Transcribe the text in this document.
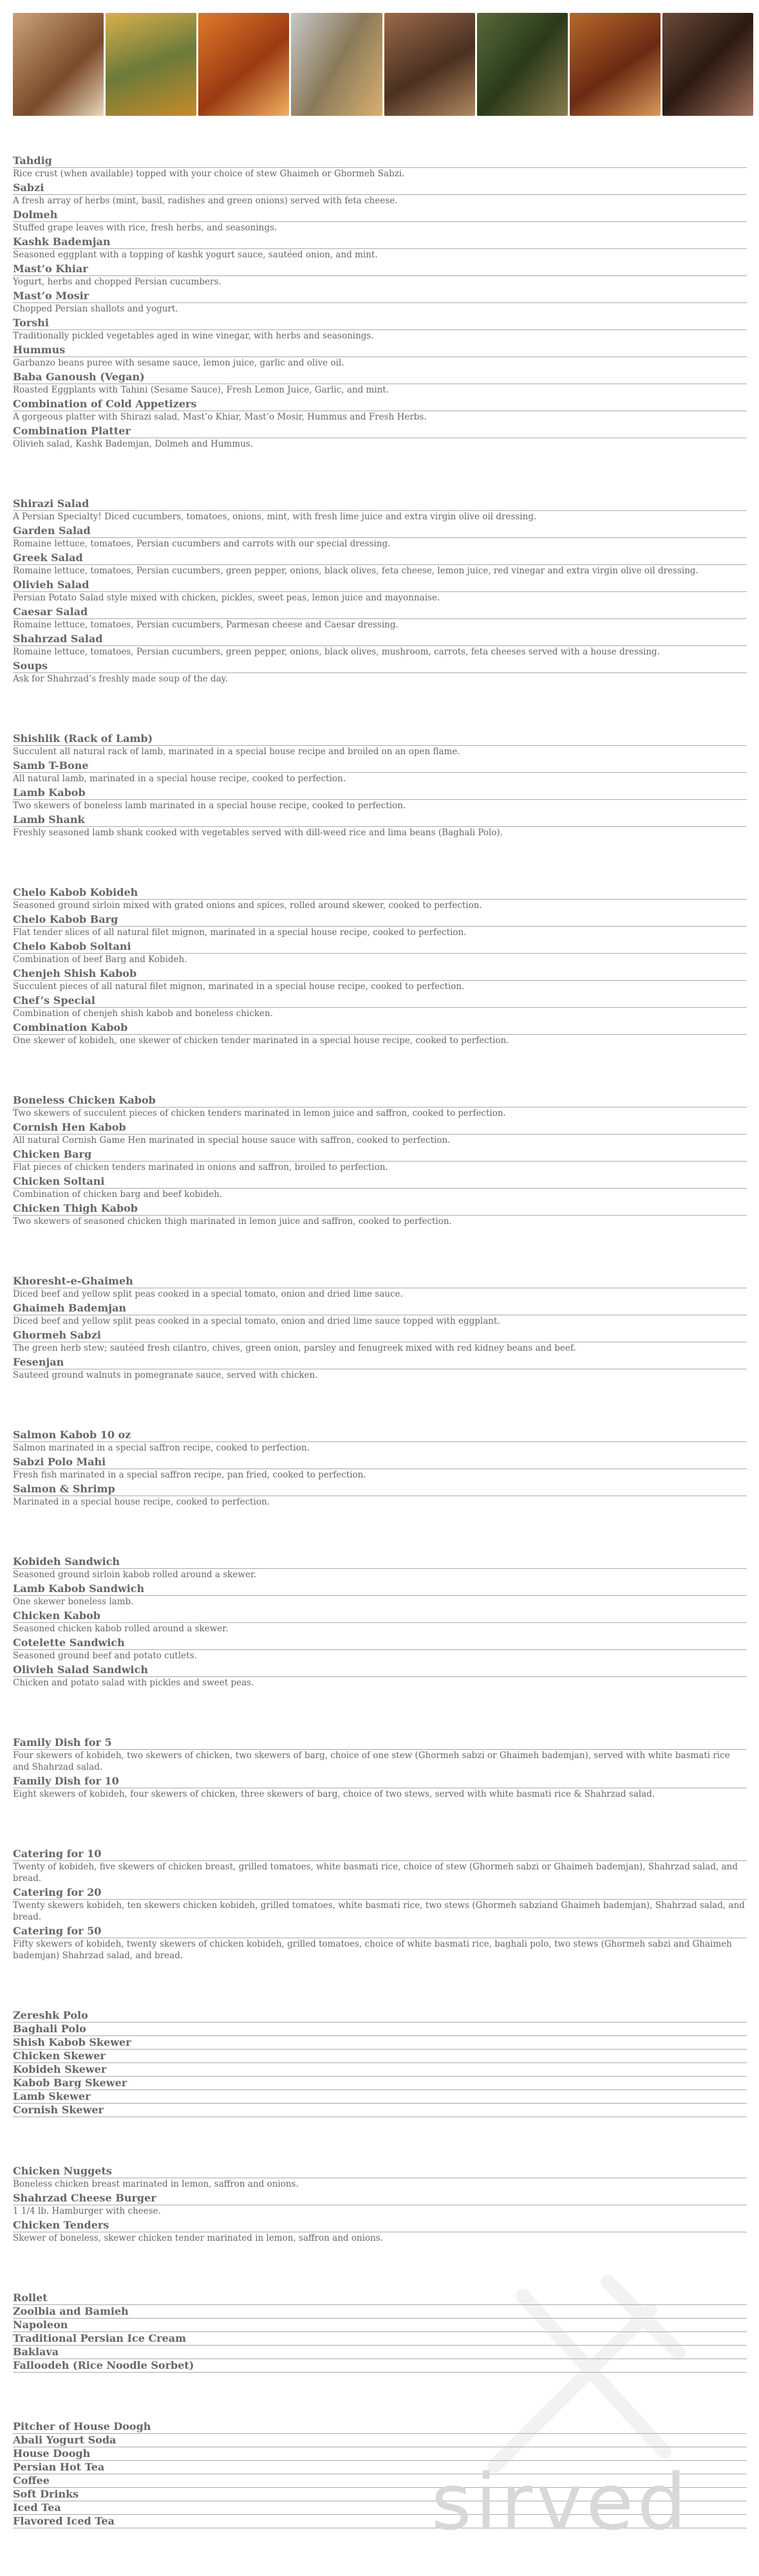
Tahdig
Rice crust (when available) topped with your choice of stew Ghaimeh or Ghormeh Sabzi.
Sabzi
A fresh array of herbs (mint, basil, radishes and green onions) served with feta cheese.
Dolmeh
Stuffed grape leaves with rice, fresh herbs, and seasonings.
Kashk Bademjan
Seasoned eggplant with a topping of kashk yogurt sauce, sautéed onion, and mint.
Mast’o Khiar
Yogurt, herbs and chopped Persian cucumbers.
Mast’o Mosir
Chopped Persian shallots and yogurt.
Torshi
Traditionally pickled vegetables aged in wine vinegar, with herbs and seasonings.
Hummus
Garbanzo beans puree with sesame sauce, lemon juice, garlic and olive oil.
Baba Ganoush (Vegan)
Roasted Eggplants with Tahini (Sesame Sauce), Fresh Lemon Juice, Garlic, and mint.
Combination of Cold Appetizers
A gorgeous platter with Shirazi salad, Mast’o Khiar, Mast’o Mosir, Hummus and Fresh Herbs.
Combination Platter
Olivieh salad, Kashk Bademjan, Dolmeh and Hummus.
Shirazi Salad
A Persian Specialty! Diced cucumbers, tomatoes, onions, mint, with fresh lime juice and extra virgin olive oil dressing.
Garden Salad
Romaine lettuce, tomatoes, Persian cucumbers and carrots with our special dressing.
Greek Salad
Romaine lettuce, tomatoes, Persian cucumbers, green pepper, onions, black olives, feta cheese, lemon juice, red vinegar and extra virgin olive oil dressing.
Olivieh Salad
Persian Potato Salad style mixed with chicken, pickles, sweet peas, lemon juice and mayonnaise.
Caesar Salad
Romaine lettuce, tomatoes, Persian cucumbers, Parmesan cheese and Caesar dressing.
Shahrzad Salad
Romaine lettuce, tomatoes, Persian cucumbers, green pepper, onions, black olives, mushroom, carrots, feta cheeses served with a house dressing.
Soups
Ask for Shahrzad’s freshly made soup of the day.
Shishlik (Rack of Lamb)
Succulent all natural rack of lamb, marinated in a special house recipe and broiled on an open flame.
Samb T-Bone
All natural lamb, marinated in a special house recipe, cooked to perfection.
Lamb Kabob
Two skewers of boneless lamb marinated in a special house recipe, cooked to perfection.
Lamb Shank
Freshly seasoned lamb shank cooked with vegetables served with dill-weed rice and lima beans (Baghali Polo).
Chelo Kabob Kobideh
Seasoned ground sirloin mixed with grated onions and spices, rolled around skewer, cooked to perfection.
Chelo Kabob Barg
Flat tender slices of all natural filet mignon, marinated in a special house recipe, cooked to perfection.
Chelo Kabob Soltani
Combination of beef Barg and Kobideh.
Chenjeh Shish Kabob
Succulent pieces of all natural filet mignon, marinated in a special house recipe, cooked to perfection.
Chef’s Special
Combination of chenjeh shish kabob and boneless chicken.
Combination Kabob
One skewer of kobideh, one skewer of chicken tender marinated in a special house recipe, cooked to perfection.
Boneless Chicken Kabob
Two skewers of succulent pieces of chicken tenders marinated in lemon juice and saffron, cooked to perfection.
Cornish Hen Kabob
All natural Cornish Game Hen marinated in special house sauce with saffron, cooked to perfection.
Chicken Barg
Flat pieces of chicken tenders marinated in onions and saffron, broiled to perfection.
Chicken Soltani
Combination of chicken barg and beef kobideh.
Chicken Thigh Kabob
Two skewers of seasoned chicken thigh marinated in lemon juice and saffron, cooked to perfection.
Khoresht-e-Ghaimeh
Diced beef and yellow split peas cooked in a special tomato, onion and dried lime sauce.
Ghaimeh Bademjan
Diced beef and yellow split peas cooked in a special tomato, onion and dried lime sauce topped with eggplant.
Ghormeh Sabzi
The green herb stew; sautéed fresh cilantro, chives, green onion, parsley and fenugreek mixed with red kidney beans and beef.
Fesenjan
Sauteed ground walnuts in pomegranate sauce, served with chicken.
Salmon Kabob 10 oz
Salmon marinated in a special saffron recipe, cooked to perfection.
Sabzi Polo Mahi
Fresh fish marinated in a special saffron recipe, pan fried, cooked to perfection.
Salmon & Shrimp
Marinated in a special house recipe, cooked to perfection.
Kobideh Sandwich
Seasoned ground sirloin kabob rolled around a skewer.
Lamb Kabob Sandwich
One skewer boneless lamb.
Chicken Kabob
Seasoned chicken kabob rolled around a skewer.
Cotelette Sandwich
Seasoned ground beef and potato cutlets.
Olivieh Salad Sandwich
Chicken and potato salad with pickles and sweet peas.
Family Dish for 5
Four skewers of kobideh, two skewers of chicken, two skewers of barg, choice of one stew (Ghormeh sabzi or Ghaimeh bademjan), served with white basmati rice and Shahrzad salad.
Family Dish for 10
Eight skewers of kobideh, four skewers of chicken, three skewers of barg, choice of two stews, served with white basmati rice & Shahrzad salad.
Catering for 10
Twenty of kobideh, five skewers of chicken breast, grilled tomatoes, white basmati rice, choice of stew (Ghormeh sabzi or Ghaimeh bademjan), Shahrzad salad, and bread.
Catering for 20
Twenty skewers kobideh, ten skewers chicken kobideh, grilled tomatoes, white basmati rice, two stews (Ghormeh sabziand Ghaimeh bademjan), Shahrzad salad, and bread.
Catering for 50
Fifty skewers of kobideh, twenty skewers of chicken kobideh, grilled tomatoes, choice of white basmati rice, baghali polo, two stews (Ghormeh sabzi and Ghaimeh bademjan) Shahrzad salad, and bread.
Zereshk Polo
Baghali Polo
Shish Kabob Skewer
Chicken Skewer
Kobideh Skewer
Kabob Barg Skewer
Lamb Skewer
Cornish Skewer
Chicken Nuggets
Boneless chicken breast marinated in lemon, saffron and onions.
Shahrzad Cheese Burger
1 1/4 lb. Hamburger with cheese.
Chicken Tenders
Skewer of boneless, skewer chicken tender marinated in lemon, saffron and onions.
Rollet
Zoolbia and Bamieh
Napoleon
Traditional Persian Ice Cream
Baklava
Falloodeh (Rice Noodle Sorbet)
Pitcher of House Doogh
Abali Yogurt Soda
House Doogh
Persian Hot Tea
Coffee
Soft Drinks
Iced Tea
Flavored Iced Tea	sirved
